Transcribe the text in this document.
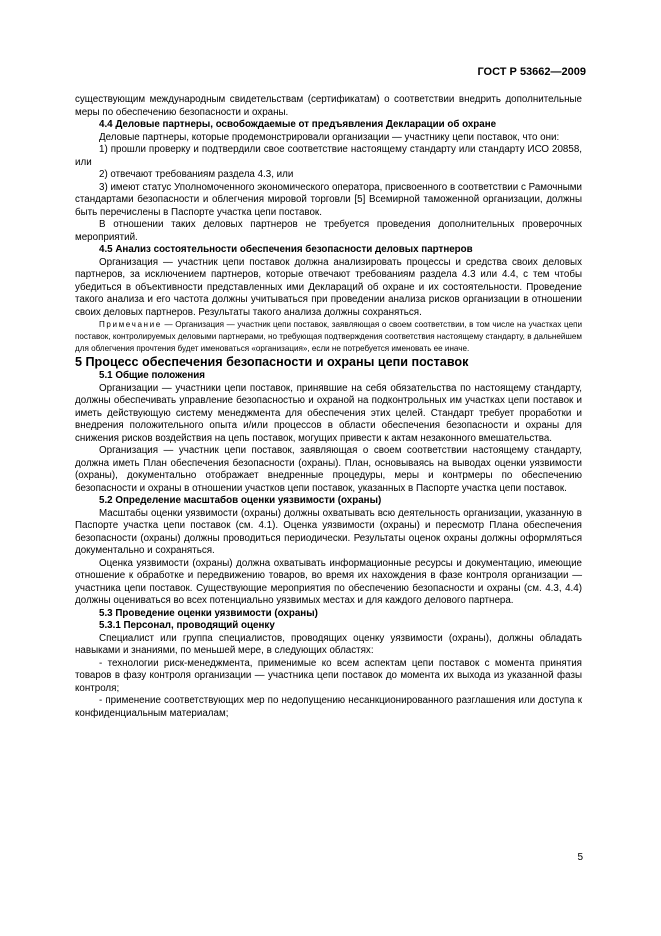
ГОСТ Р 53662—2009

существующим международным свидетельствам (сертификатам) о соответствии внедрить дополнительные меры по обеспечению безопасности и охраны.

4.4 Деловые партнеры, освобождаемые от предъявления Декларации об охране

Деловые партнеры, которые продемонстрировали организации — участнику цепи поставок, что они:

1) прошли проверку и подтвердили свое соответствие настоящему стандарту или стандарту ИСО 20858, или

2) отвечают требованиям раздела 4.3, или

3) имеют статус Уполномоченного экономического оператора, присвоенного в соответствии с Рамочными стандартами безопасности и облегчения мировой торговли [5] Всемирной таможенной организации, должны быть перечислены в Паспорте участка цепи поставок.

В отношении таких деловых партнеров не требуется проведения дополнительных проверочных мероприятий.

4.5 Анализ состоятельности обеспечения безопасности деловых партнеров

Организация — участник цепи поставок должна анализировать процессы и средства своих деловых партнеров, за исключением партнеров, которые отвечают требованиям раздела 4.3 или 4.4, с тем чтобы убедиться в объективности представленных ими Деклараций об охране и их состоятельности. Проведение такого анализа и его частота должны учитываться при проведении анализа рисков организации в отношении своих деловых партнеров. Результаты такого анализа должны сохраняться.

Примечание — Организация — участник цепи поставок, заявляющая о своем соответствии, в том числе на участках цепи поставок, контролируемых деловыми партнерами, но требующая подтверждения соответствия настоящему стандарту, в дальнейшем для облегчения прочтения будет именоваться «организация», если не потребуется именовать ее иначе.

5 Процесс обеспечения безопасности и охраны цепи поставок

5.1 Общие положения

Организации — участники цепи поставок, принявшие на себя обязательства по настоящему стандарту, должны обеспечивать управление безопасностью и охраной на подконтрольных им участках цепи поставок и иметь действующую систему менеджмента для обеспечения этих целей. Стандарт требует проработки и внедрения положительного опыта и/или процессов в области обеспечения безопасности и охраны для снижения рисков воздействия на цепь поставок, могущих привести к актам незаконного вмешательства.

Организация — участник цепи поставок, заявляющая о своем соответствии настоящему стандарту, должна иметь План обеспечения безопасности (охраны). План, основываясь на выводах оценки уязвимости (охраны), документально отображает внедренные процедуры, меры и контрмеры по обеспечению безопасности и охраны в отношении участков цепи поставок, указанных в Паспорте участка цепи поставок.

5.2 Определение масштабов оценки уязвимости (охраны)

Масштабы оценки уязвимости (охраны) должны охватывать всю деятельность организации, указанную в Паспорте участка цепи поставок (см. 4.1). Оценка уязвимости (охраны) и пересмотр Плана обеспечения безопасности (охраны) должны проводиться периодически. Результаты оценок охраны должны оформляться документально и сохраняться.

Оценка уязвимости (охраны) должна охватывать информационные ресурсы и документацию, имеющие отношение к обработке и передвижению товаров, во время их нахождения в фазе контроля организации — участника цепи поставок. Существующие мероприятия по обеспечению безопасности и охраны (см. 4.3, 4.4) должны оцениваться во всех потенциально уязвимых местах и для каждого делового партнера.

5.3 Проведение оценки уязвимости (охраны)

5.3.1 Персонал, проводящий оценку

Специалист или группа специалистов, проводящих оценку уязвимости (охраны), должны обладать навыками и знаниями, по меньшей мере, в следующих областях:

- технологии риск-менеджмента, применимые ко всем аспектам цепи поставок с момента принятия товаров в фазу контроля организации — участника цепи поставок до момента их выхода из указанной фазы контроля;

- применение соответствующих мер по недопущению несанкционированного разглашения или доступа к конфиденциальным материалам;

5
